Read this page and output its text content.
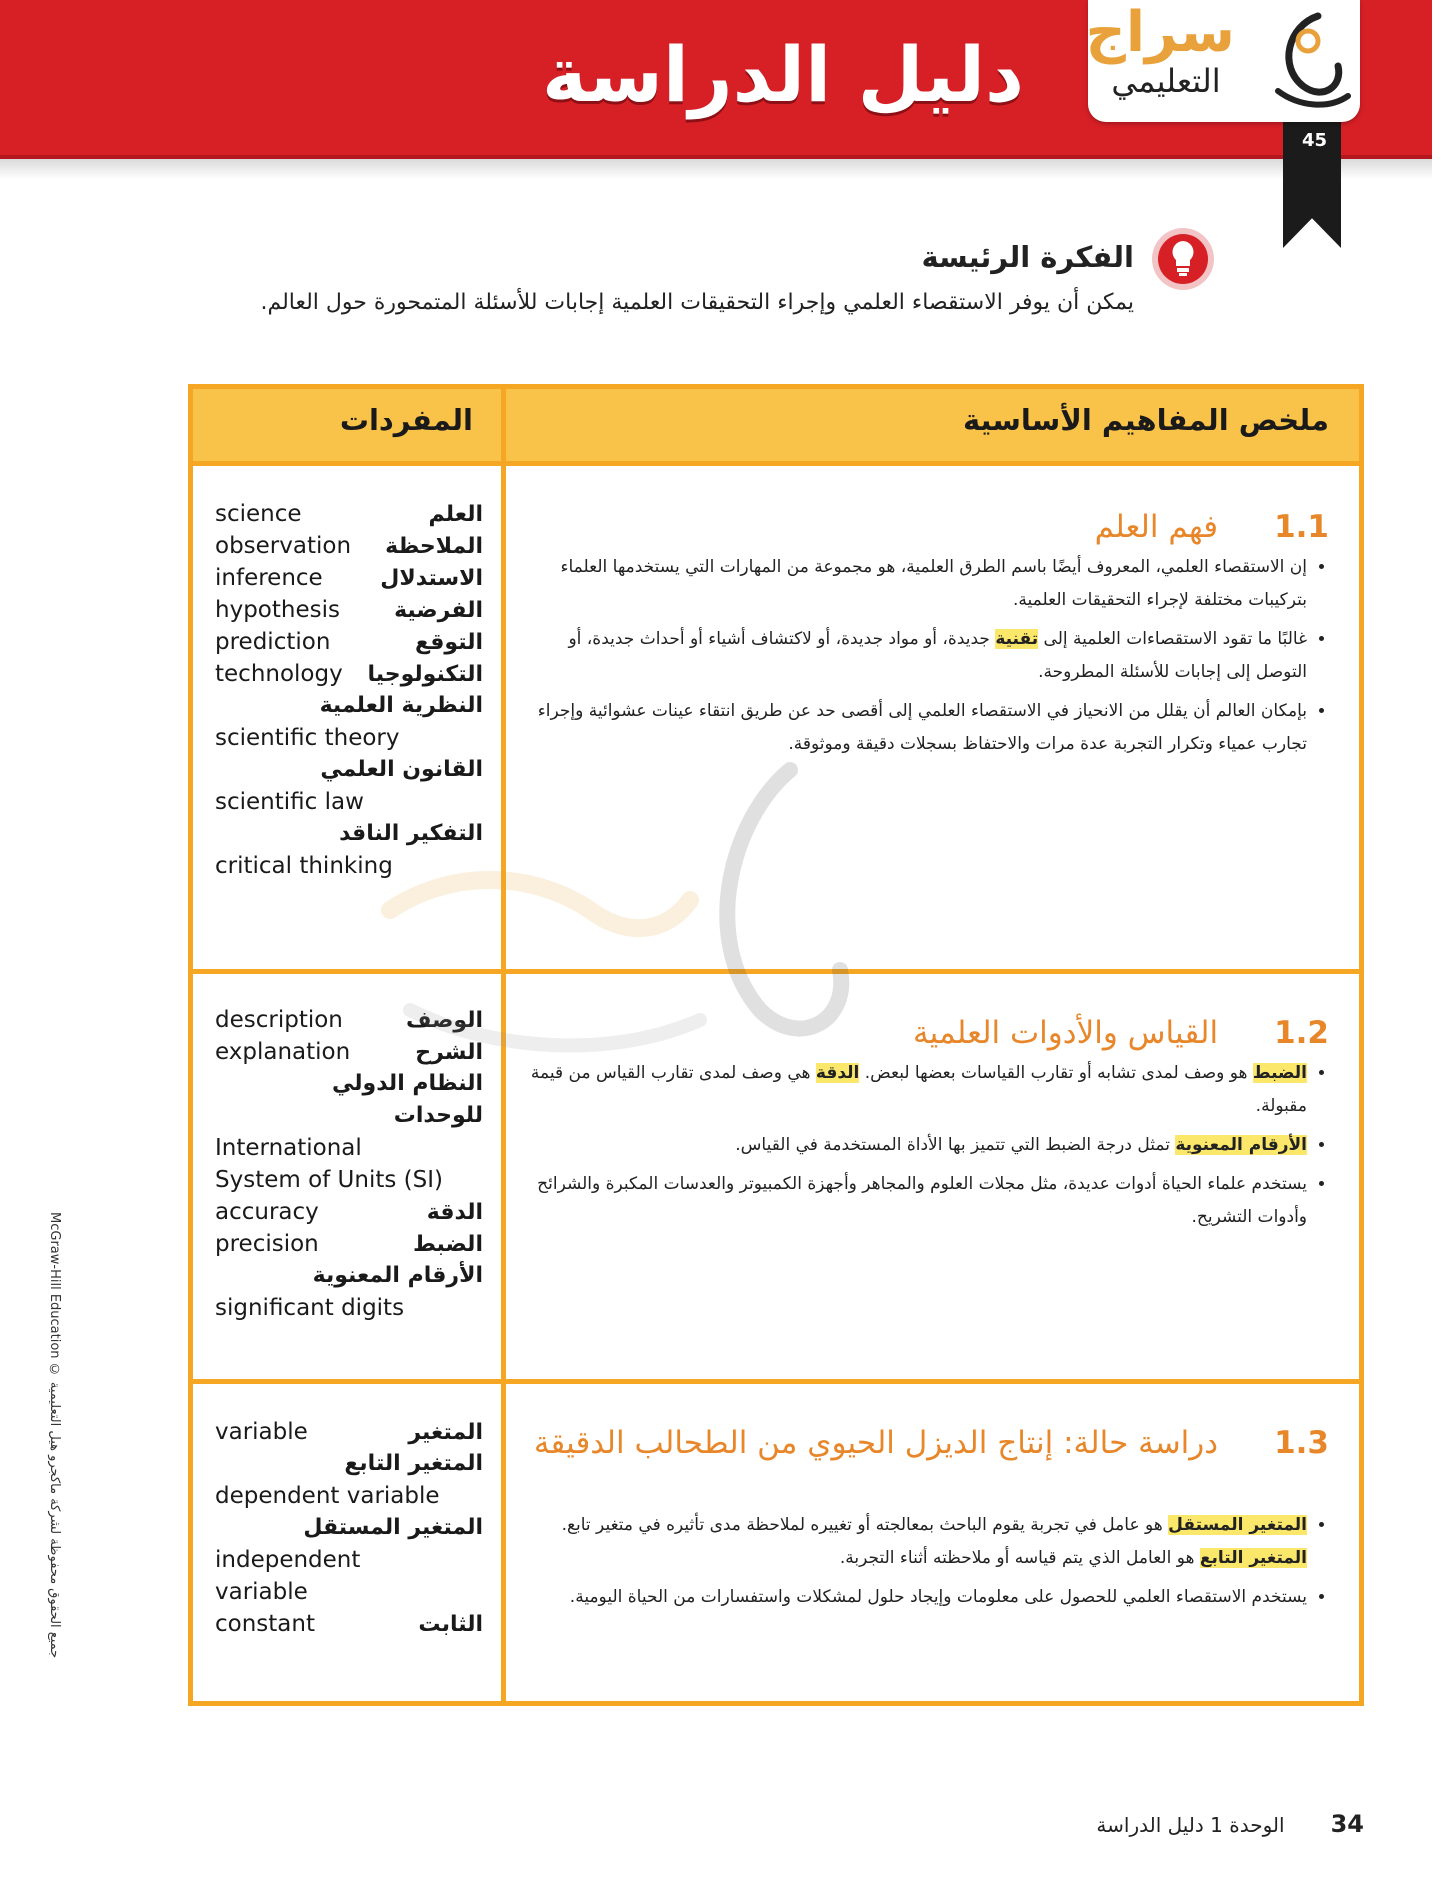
دليل الدراسة
45
سراج
التعليمي
الفكرة الرئيسة
يمكن أن يوفر الاستقصاء العلمي وإجراء التحقيقات العلمية إجابات للأسئلة المتمحورة حول العالم.
ملخص المفاهيم الأساسية
المفردات
1.1فهم العلم
• إن الاستقصاء العلمي، المعروف أيضًا باسم الطرق العلمية، هو مجموعة من المهارات التي يستخدمها العلماء بتركيبات مختلفة لإجراء التحقيقات العلمية.
• غالبًا ما تقود الاستقصاءات العلمية إلى تقنية جديدة، أو مواد جديدة، أو لاكتشاف أشياء أو أحداث جديدة، أو التوصل إلى إجابات للأسئلة المطروحة.
• بإمكان العالم أن يقلل من الانحياز في الاستقصاء العلمي إلى أقصى حد عن طريق انتقاء عينات عشوائية وإجراء تجارب عمياء وتكرار التجربة عدة مرات والاحتفاظ بسجلات دقيقة وموثوقة.
science	العلم
observation الملاحظة
inference	الاستدلال
hypothesis الفرضية
prediction	التوقع
technology التكنولوجيا
النظرية العلمية
scientific theory
القانون العلمي
scientific law
التفكير الناقد
critical thinking
1.2القياس والأدوات العلمية
• الضبط هو وصف لمدى تشابه أو تقارب القياسات بعضها لبعض. الدقة هي وصف لمدى تقارب القياس من قيمة مقبولة.
• الأرقام المعنوية تمثل درجة الضبط التي تتميز بها الأداة المستخدمة في القياس.
• يستخدم علماء الحياة أدوات عديدة، مثل مجلات العلوم والمجاهر وأجهزة الكمبيوتر والعدسات المكبرة والشرائح وأدوات التشريح.
description	الوصف
explanation	الشرح
النظام الدولي
للوحدات
International
System of Units (SI)
accuracy	الدقة
precision	الضبط
الأرقام المعنوية
significant digits
1.3دراسة حالة: إنتاج الديزل الحيوي من الطحالب الدقيقة
• المتغير المستقل هو عامل في تجربة يقوم الباحث بمعالجته أو تغييره لملاحظة مدى تأثيره في متغير تابع. المتغير التابع هو العامل الذي يتم قياسه أو ملاحظته أثناء التجربة.
• يستخدم الاستقصاء العلمي للحصول على معلومات وإيجاد حلول لمشكلات واستفسارات من الحياة اليومية.
variable	المتغير
المتغير التابع
dependent variable
المتغير المستقل
independent
variable
constant	الثابت
McGraw-Hill Education © جميع الحقوق محفوظة لشركة ماكجرو هيل التعليمية
34الوحدة 1 دليل الدراسة
